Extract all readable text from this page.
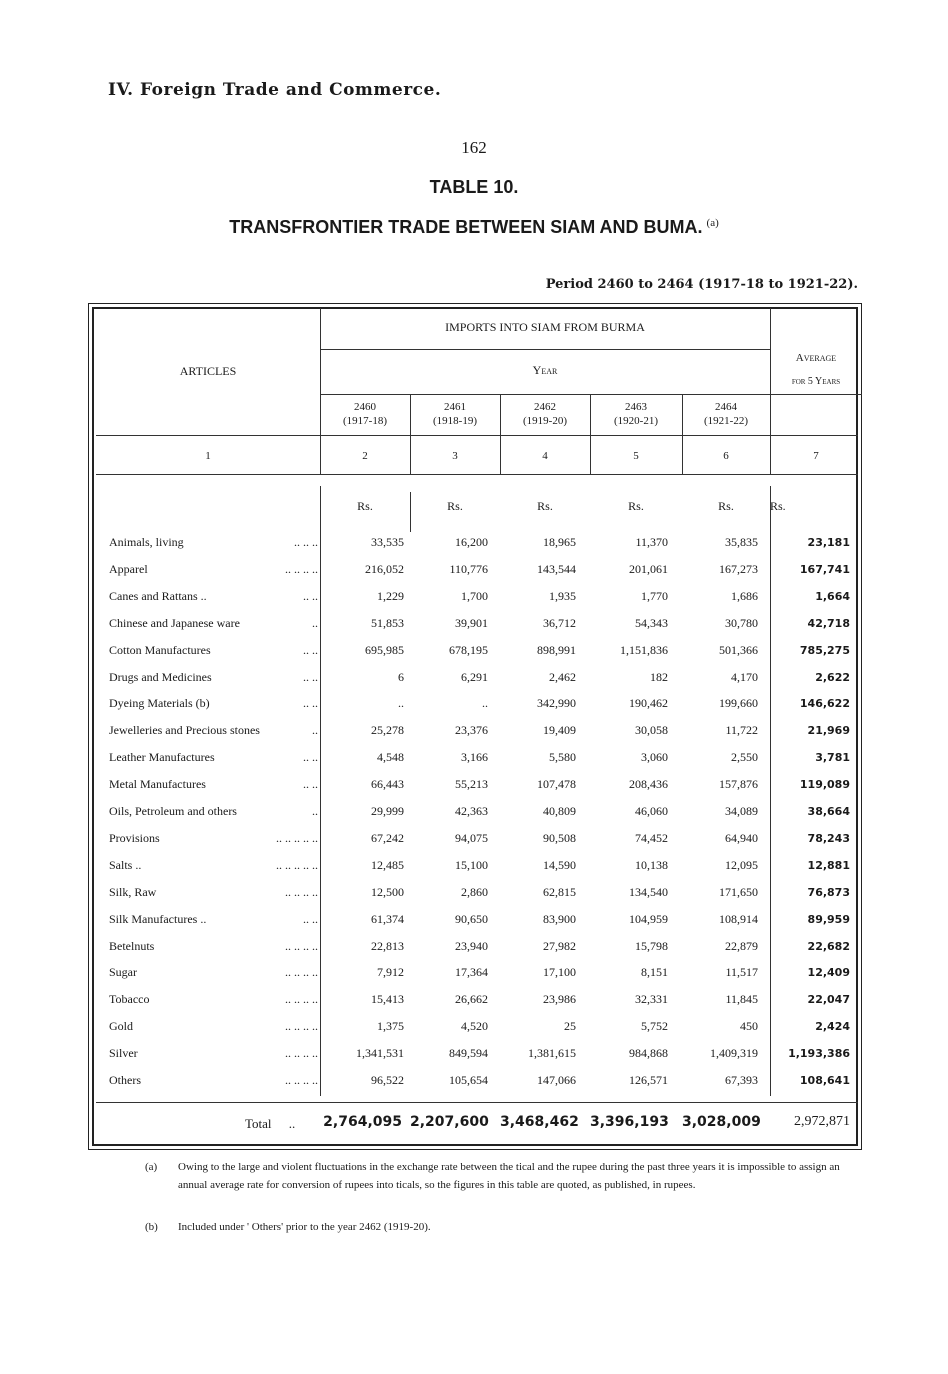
IV. Foreign Trade and Commerce.
162
TABLE 10.
TRANSFRONTIER TRADE BETWEEN SIAM AND BUMA. $^{(a)}$
Period 2460 to 2464 (1917-18 to 1921-22).
ARTICLES
IMPORTS INTO SIAM FROM BURMA
Year
Average
for 5 Years
2460
(1917-18)
2461
(1918-19)
2462
(1919-20)
2463
(1920-21)
2464
(1921-22)
1	2	3	4	5	6	7
Rs.	Rs.	Rs.	Rs.	Rs.	Rs.
Animals, living	.. .. ..	33,535	16,200	18,965	11,370	35,835	23,181
Apparel	.. .. .. ..	216,052	110,776	143,544	201,061	167,273	167,741
Canes and Rattans ..	.. ..	1,229	1,700	1,935	1,770	1,686	1,664
Chinese and Japanese ware	..	51,853	39,901	36,712	54,343	30,780	42,718
Cotton Manufactures	.. ..	695,985	678,195	898,991	1,151,836	501,366	785,275
Drugs and Medicines	.. ..	6	6,291	2,462	182	4,170	2,622
Dyeing Materials (b)	.. ..	..	..	342,990	190,462	199,660	146,622
Jewelleries and Precious stones	..	25,278	23,376	19,409	30,058	11,722	21,969
Leather Manufactures	.. ..	4,548	3,166	5,580	3,060	2,550	3,781
Metal Manufactures	.. ..	66,443	55,213	107,478	208,436	157,876	119,089
Oils, Petroleum and others	..	29,999	42,363	40,809	46,060	34,089	38,664
Provisions	.. .. .. .. ..	67,242	94,075	90,508	74,452	64,940	78,243
Salts ..	.. .. .. .. ..	12,485	15,100	14,590	10,138	12,095	12,881
Silk, Raw	.. .. .. ..	12,500	2,860	62,815	134,540	171,650	76,873
Silk Manufactures ..	.. ..	61,374	90,650	83,900	104,959	108,914	89,959
Betelnuts	.. .. .. ..	22,813	23,940	27,982	15,798	22,879	22,682
Sugar	.. .. .. ..	7,912	17,364	17,100	8,151	11,517	12,409
Tobacco	.. .. .. ..	15,413	26,662	23,986	32,331	11,845	22,047
Gold	.. .. .. ..	1,375	4,520	25	5,752	450	2,424
Silver	.. .. .. ..	1,341,531	849,594	1,381,615	984,868	1,409,319	1,193,386
Others	.. .. .. ..	96,522	105,654	147,066	126,571	67,393	108,641
Total .. 2,764,095 2,207,600 3,468,462 3,396,193 3,028,009	2,972,871
(a) Owing to the large and violent fluctuations in the exchange rate between the tical and the rupee during the past three years it is impossible to assign an annual average rate for conversion of rupees into ticals, so the figures in this table are quoted, as published, in rupees.
(b) Included under ' Others' prior to the year 2462 (1919-20).
